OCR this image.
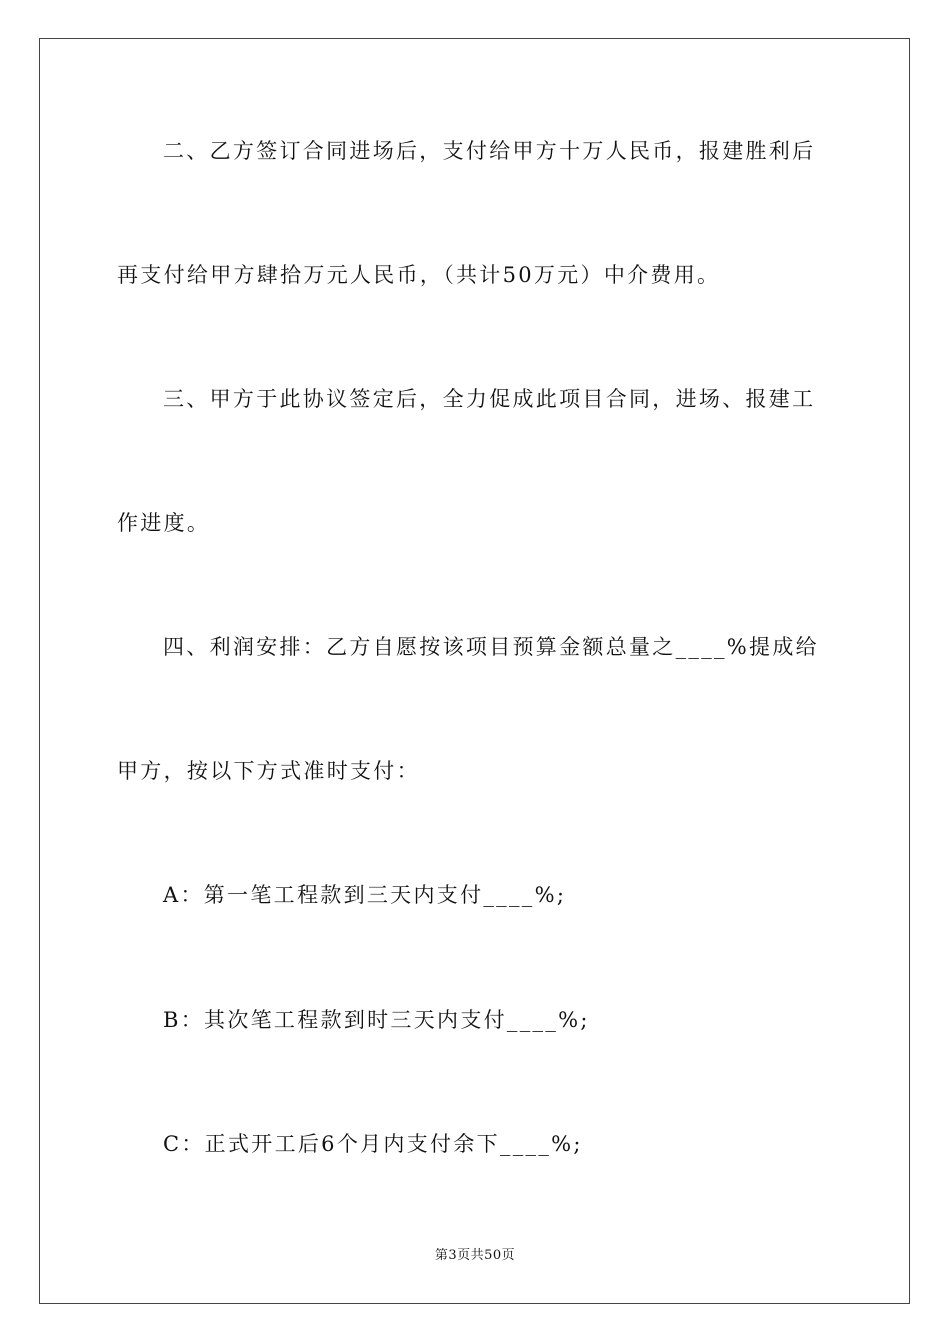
二、乙方签订合同进场后，支付给甲方十万人民币，报建胜利后
再支付给甲方肆拾万元人民币，（共计50万元）中介费用。
三、甲方于此协议签定后，全力促成此项目合同，进场、报建工
作进度。
四、利润安排：乙方自愿按该项目预算金额总量之____%提成给
甲方，按以下方式准时支付：
A：第一笔工程款到三天内支付____%;
B：其次笔工程款到时三天内支付____%;
C：正式开工后6个月内支付余下____%;
第3页共50页
